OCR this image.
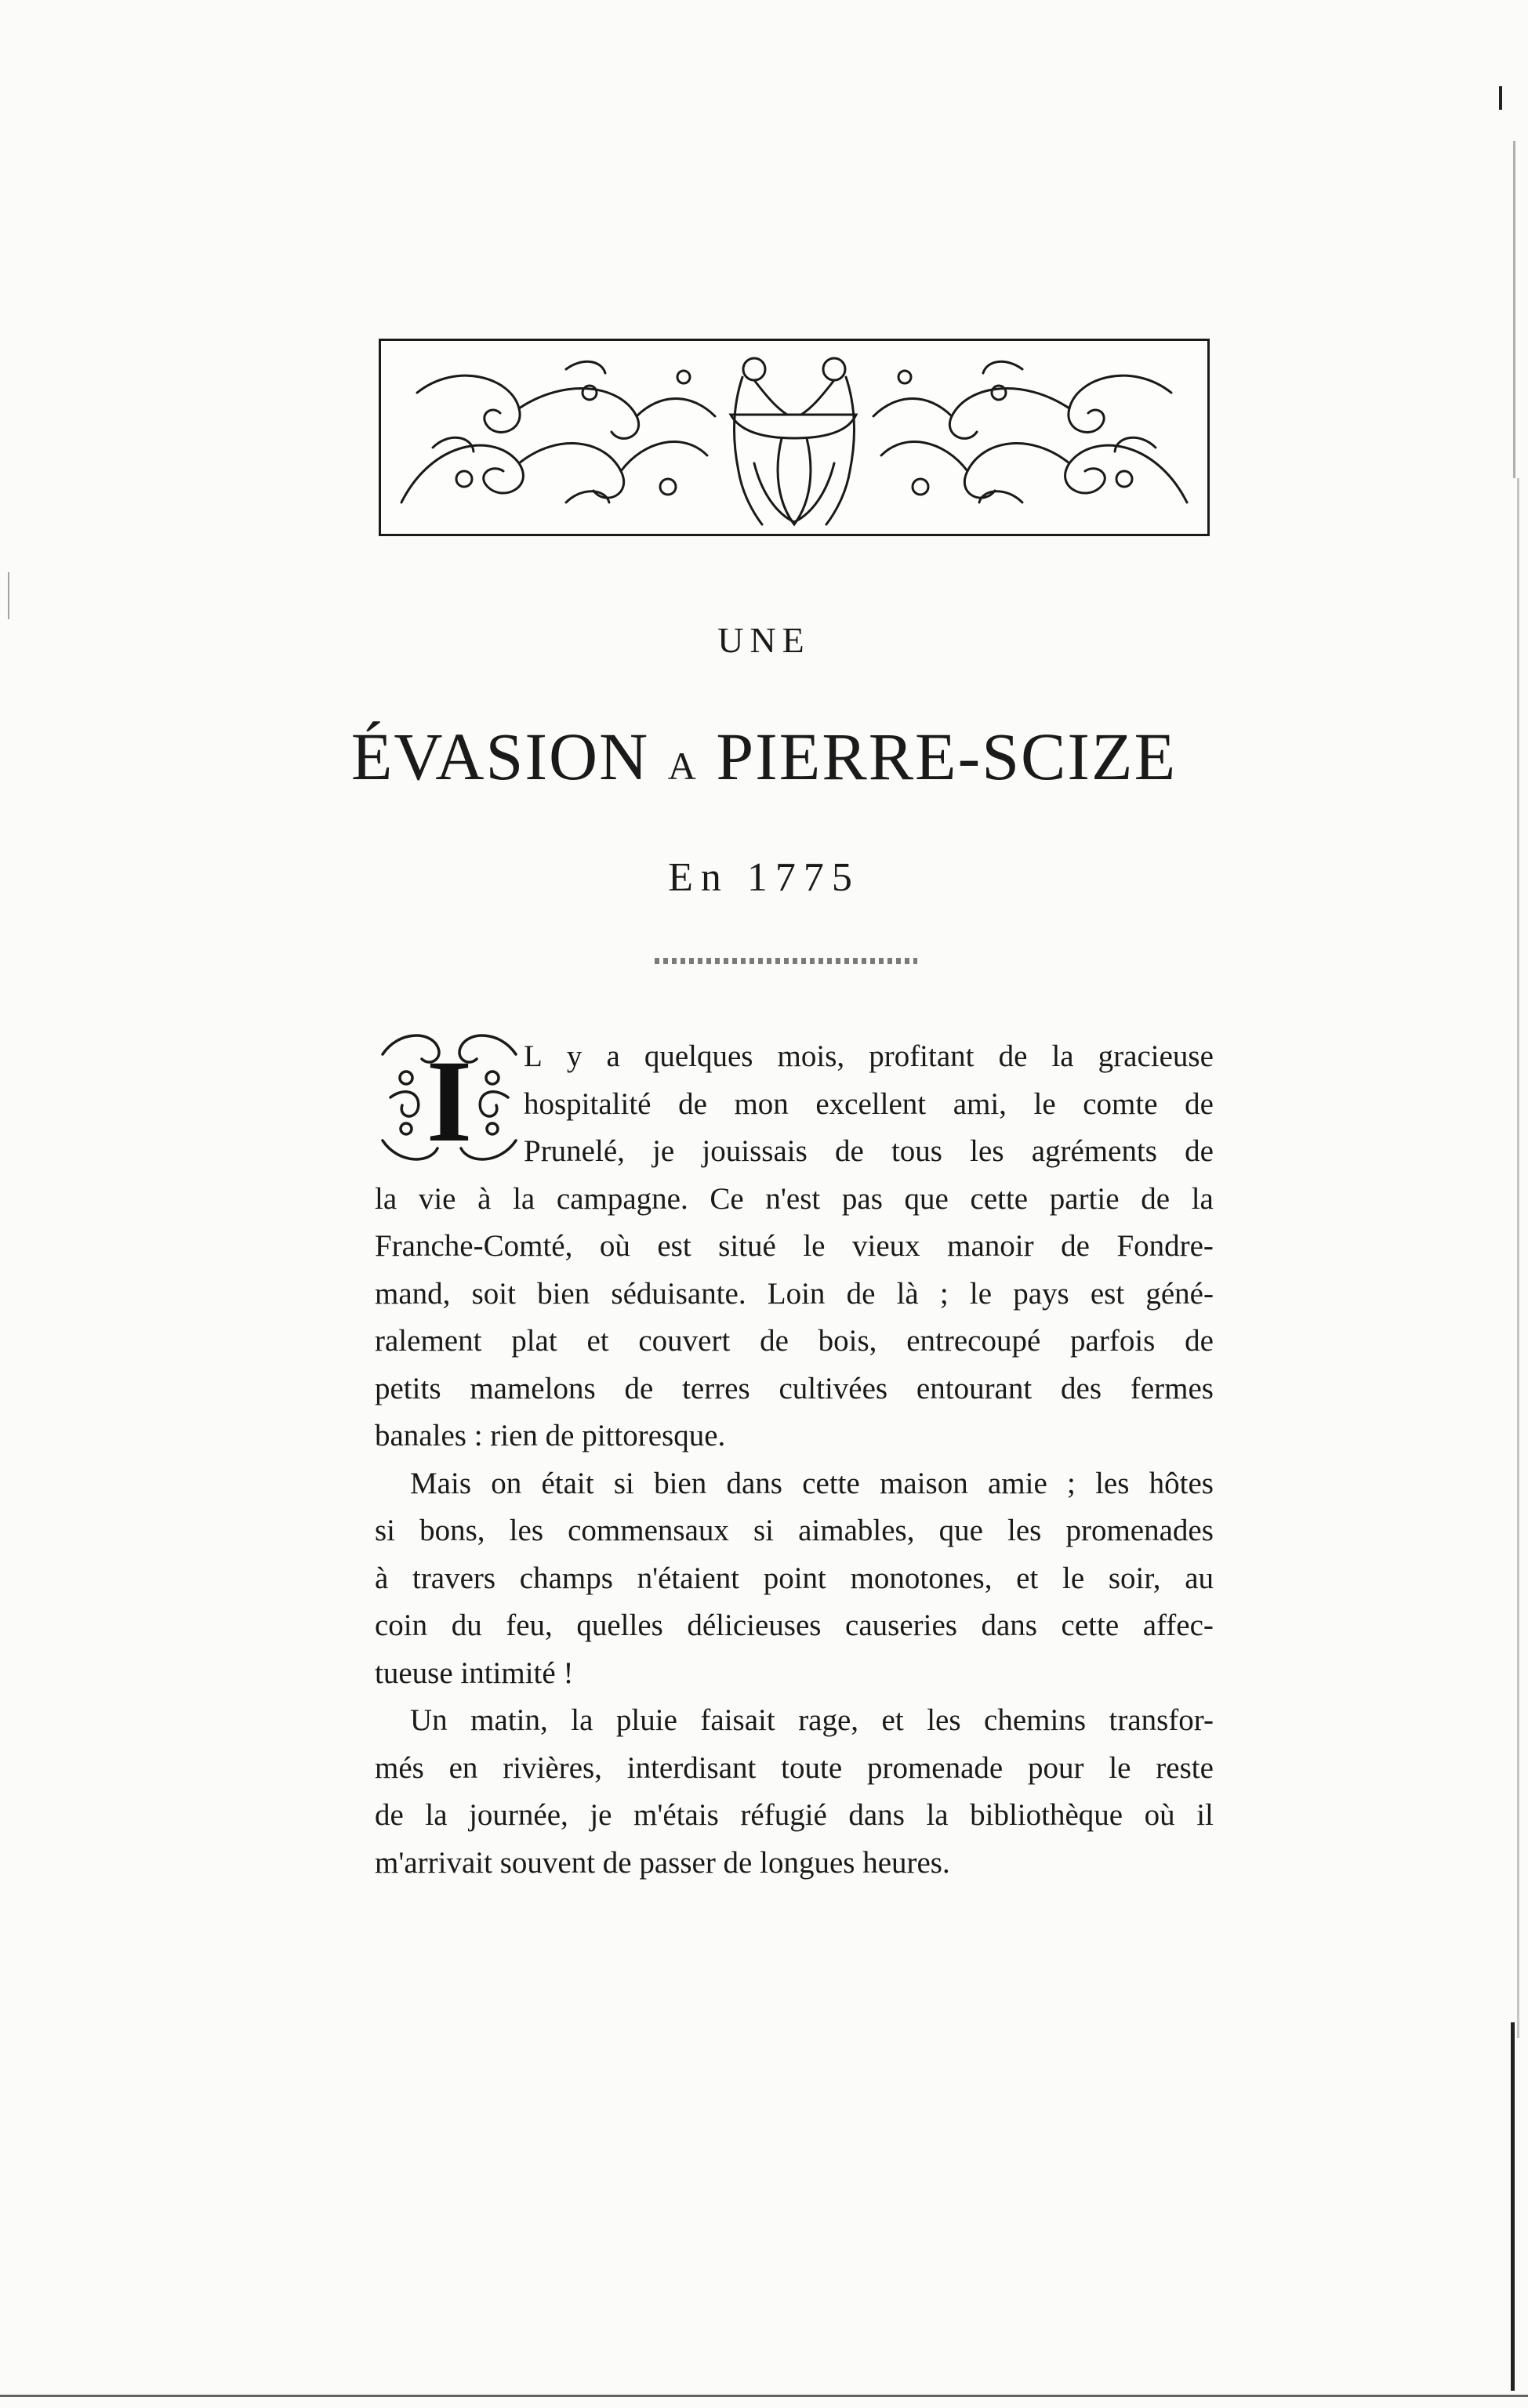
UNE
ÉVASION A PIERRE-SCIZE
En 1775
I L y a quelques mois, profitant de la gracieuse
hospitalité de mon excellent ami, le comte de
Prunelé, je jouissais de tous les agréments de
la vie à la campagne. Ce n'est pas que cette partie de la
Franche-Comté, où est situé le vieux manoir de Fondre-
mand, soit bien séduisante. Loin de là ; le pays est géné-
ralement plat et couvert de bois, entrecoupé parfois de
petits mamelons de terres cultivées entourant des fermes
banales : rien de pittoresque.
Mais on était si bien dans cette maison amie ; les hôtes
si bons, les commensaux si aimables, que les promenades
à travers champs n'étaient point monotones, et le soir, au
coin du feu, quelles délicieuses causeries dans cette affec-
tueuse intimité !
Un matin, la pluie faisait rage, et les chemins transfor-
més en rivières, interdisant toute promenade pour le reste
de la journée, je m'étais réfugié dans la bibliothèque où il
m'arrivait souvent de passer de longues heures.
